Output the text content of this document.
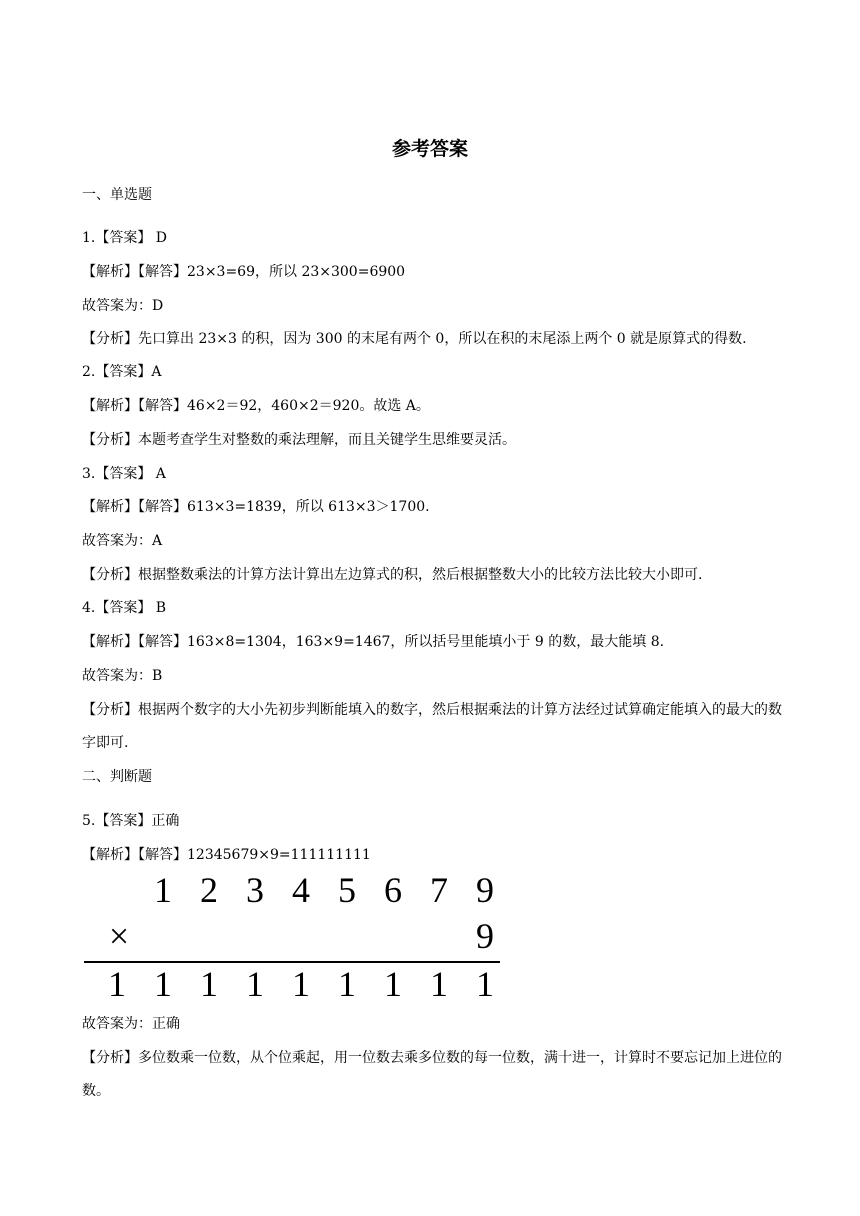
参考答案
一、单选题
1.【答案】 D
【解析】【解答】23×3=69，所以 23×300=6900
故答案为：D
【分析】先口算出 23×3 的积，因为 300 的末尾有两个 0，所以在积的末尾添上两个 0 就是原算式的得数.
2.【答案】A
【解析】【解答】46×2＝92，460×2＝920。故选 A。
【分析】本题考查学生对整数的乘法理解，而且关键学生思维要灵活。
3.【答案】 A
【解析】【解答】613×3=1839，所以 613×3＞1700.
故答案为：A
【分析】根据整数乘法的计算方法计算出左边算式的积，然后根据整数大小的比较方法比较大小即可.
4.【答案】 B
【解析】【解答】163×8=1304，163×9=1467，所以括号里能填小于 9 的数，最大能填 8.
故答案为：B
【分析】根据两个数字的大小先初步判断能填入的数字，然后根据乘法的计算方法经过试算确定能填入的最大的数字即可.
二、判断题
5.【答案】正确
【解析】【解答】12345679×9=111111111
1 2 3 4 5 6 7 9
×	9
1 1 1 1 1 1 1 1 1
故答案为：正确
【分析】多位数乘一位数，从个位乘起，用一位数去乘多位数的每一位数，满十进一，计算时不要忘记加上进位的数。
